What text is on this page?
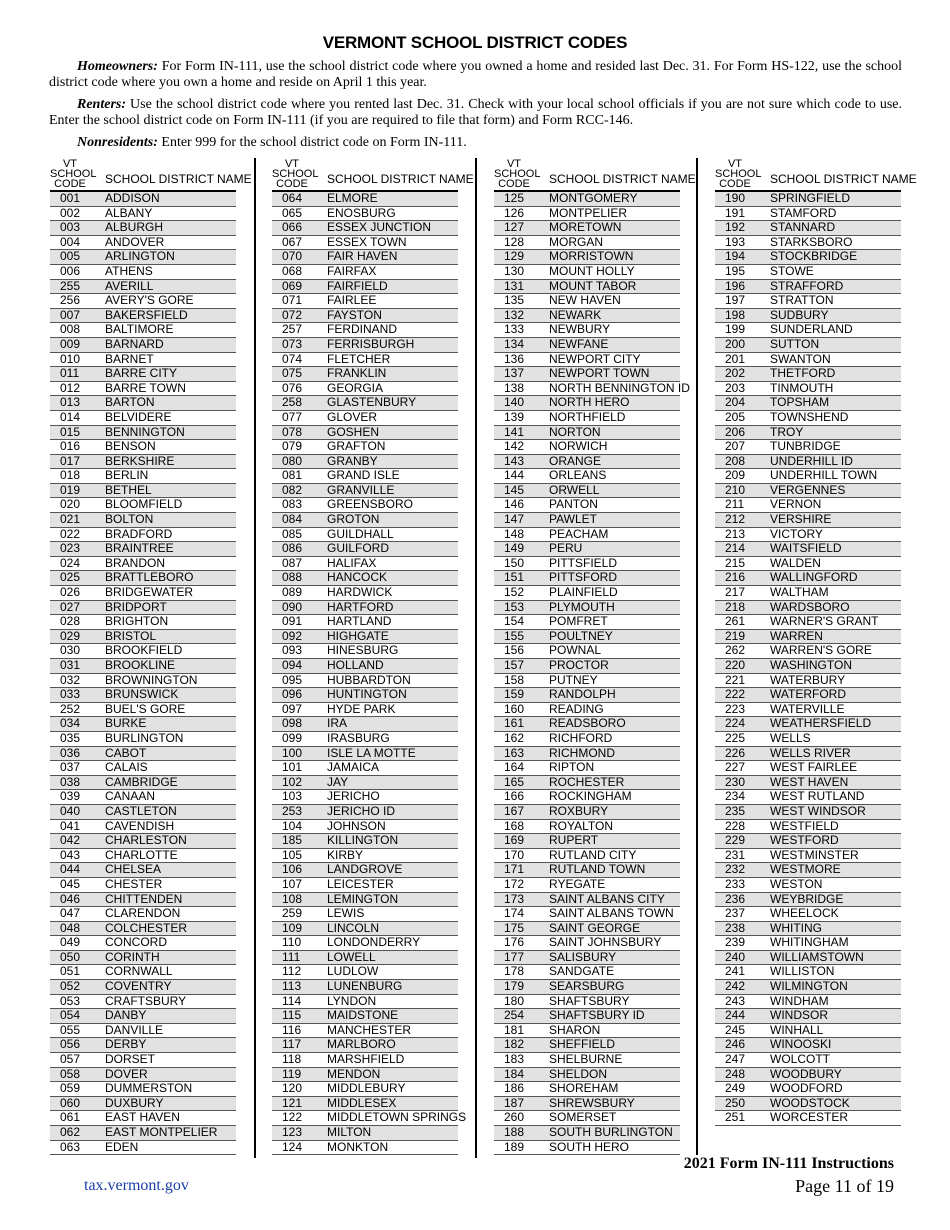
VERMONT SCHOOL DISTRICT CODES
Homeowners: For Form IN-111, use the school district code where you owned a home and resided last Dec. 31. For Form HS-122, use the school district code where you own a home and reside on April 1 this year.
Renters: Use the school district code where you rented last Dec. 31. Check with your local school officials if you are not sure which code to use. Enter the school district code on Form IN-111 (if you are required to file that form) and Form RCC-146.
Nonresidents: Enter 999 for the school district code on Form IN-111.
VT
SCHOOL
CODE	SCHOOL DISTRICT NAME
001 ADDISON
002 ALBANY
003 ALBURGH
004 ANDOVER
005 ARLINGTON
006 ATHENS
255 AVERILL
256 AVERY'S GORE
007 BAKERSFIELD
008 BALTIMORE
009 BARNARD
010 BARNET
011 BARRE CITY
012 BARRE TOWN
013 BARTON
014 BELVIDERE
015 BENNINGTON
016 BENSON
017 BERKSHIRE
018 BERLIN
019 BETHEL
020 BLOOMFIELD
021 BOLTON
022 BRADFORD
023 BRAINTREE
024 BRANDON
025 BRATTLEBORO
026 BRIDGEWATER
027 BRIDPORT
028 BRIGHTON
029 BRISTOL
030 BROOKFIELD
031 BROOKLINE
032 BROWNINGTON
033 BRUNSWICK
252 BUEL'S GORE
034 BURKE
035 BURLINGTON
036 CABOT
037 CALAIS
038 CAMBRIDGE
039 CANAAN
040 CASTLETON
041 CAVENDISH
042 CHARLESTON
043 CHARLOTTE
044 CHELSEA
045 CHESTER
046 CHITTENDEN
047 CLARENDON
048 COLCHESTER
049 CONCORD
050 CORINTH
051 CORNWALL
052 COVENTRY
053 CRAFTSBURY
054 DANBY
055 DANVILLE
056 DERBY
057 DORSET
058 DOVER
059 DUMMERSTON
060 DUXBURY
061 EAST HAVEN
062 EAST MONTPELIER
063 EDEN
VT
SCHOOL
CODE	SCHOOL DISTRICT NAME
064 ELMORE
065 ENOSBURG
066 ESSEX JUNCTION
067 ESSEX TOWN
070 FAIR HAVEN
068 FAIRFAX
069 FAIRFIELD
071 FAIRLEE
072 FAYSTON
257 FERDINAND
073 FERRISBURGH
074 FLETCHER
075 FRANKLIN
076 GEORGIA
258 GLASTENBURY
077 GLOVER
078 GOSHEN
079 GRAFTON
080 GRANBY
081 GRAND ISLE
082 GRANVILLE
083 GREENSBORO
084 GROTON
085 GUILDHALL
086 GUILFORD
087 HALIFAX
088 HANCOCK
089 HARDWICK
090 HARTFORD
091 HARTLAND
092 HIGHGATE
093 HINESBURG
094 HOLLAND
095 HUBBARDTON
096 HUNTINGTON
097 HYDE PARK
098 IRA
099 IRASBURG
100 ISLE LA MOTTE
101 JAMAICA
102 JAY
103 JERICHO
253 JERICHO ID
104 JOHNSON
185 KILLINGTON
105 KIRBY
106 LANDGROVE
107 LEICESTER
108 LEMINGTON
259 LEWIS
109 LINCOLN
110 LONDONDERRY
111 LOWELL
112 LUDLOW
113 LUNENBURG
114 LYNDON
115 MAIDSTONE
116 MANCHESTER
117 MARLBORO
118 MARSHFIELD
119 MENDON
120 MIDDLEBURY
121 MIDDLESEX
122 MIDDLETOWN SPRINGS
123 MILTON
124 MONKTON
VT
SCHOOL
CODE	SCHOOL DISTRICT NAME
125 MONTGOMERY
126 MONTPELIER
127 MORETOWN
128 MORGAN
129 MORRISTOWN
130 MOUNT HOLLY
131 MOUNT TABOR
135 NEW HAVEN
132 NEWARK
133 NEWBURY
134 NEWFANE
136 NEWPORT CITY
137 NEWPORT TOWN
138 NORTH BENNINGTON ID
140 NORTH HERO
139 NORTHFIELD
141 NORTON
142 NORWICH
143 ORANGE
144 ORLEANS
145 ORWELL
146 PANTON
147 PAWLET
148 PEACHAM
149 PERU
150 PITTSFIELD
151 PITTSFORD
152 PLAINFIELD
153 PLYMOUTH
154 POMFRET
155 POULTNEY
156 POWNAL
157 PROCTOR
158 PUTNEY
159 RANDOLPH
160 READING
161 READSBORO
162 RICHFORD
163 RICHMOND
164 RIPTON
165 ROCHESTER
166 ROCKINGHAM
167 ROXBURY
168 ROYALTON
169 RUPERT
170 RUTLAND CITY
171 RUTLAND TOWN
172 RYEGATE
173 SAINT ALBANS CITY
174 SAINT ALBANS TOWN
175 SAINT GEORGE
176 SAINT JOHNSBURY
177 SALISBURY
178 SANDGATE
179 SEARSBURG
180 SHAFTSBURY
254 SHAFTSBURY ID
181 SHARON
182 SHEFFIELD
183 SHELBURNE
184 SHELDON
186 SHOREHAM
187 SHREWSBURY
260 SOMERSET
188 SOUTH BURLINGTON
189 SOUTH HERO
VT
SCHOOL
CODE	SCHOOL DISTRICT NAME
190 SPRINGFIELD
191 STAMFORD
192 STANNARD
193 STARKSBORO
194 STOCKBRIDGE
195 STOWE
196 STRAFFORD
197 STRATTON
198 SUDBURY
199 SUNDERLAND
200 SUTTON
201 SWANTON
202 THETFORD
203 TINMOUTH
204 TOPSHAM
205 TOWNSHEND
206 TROY
207 TUNBRIDGE
208 UNDERHILL ID
209 UNDERHILL TOWN
210 VERGENNES
211 VERNON
212 VERSHIRE
213 VICTORY
214 WAITSFIELD
215 WALDEN
216 WALLINGFORD
217 WALTHAM
218 WARDSBORO
261 WARNER'S GRANT
219 WARREN
262 WARREN'S GORE
220 WASHINGTON
221 WATERBURY
222 WATERFORD
223 WATERVILLE
224 WEATHERSFIELD
225 WELLS
226 WELLS RIVER
227 WEST FAIRLEE
230 WEST HAVEN
234 WEST RUTLAND
235 WEST WINDSOR
228 WESTFIELD
229 WESTFORD
231 WESTMINSTER
232 WESTMORE
233 WESTON
236 WEYBRIDGE
237 WHEELOCK
238 WHITING
239 WHITINGHAM
240 WILLIAMSTOWN
241 WILLISTON
242 WILMINGTON
243 WINDHAM
244 WINDSOR
245 WINHALL
246 WINOOSKI
247 WOLCOTT
248 WOODBURY
249 WOODFORD
250 WOODSTOCK
251 WORCESTER
2021 Form IN-111 Instructions
Page 11 of 19
tax.vermont.gov
